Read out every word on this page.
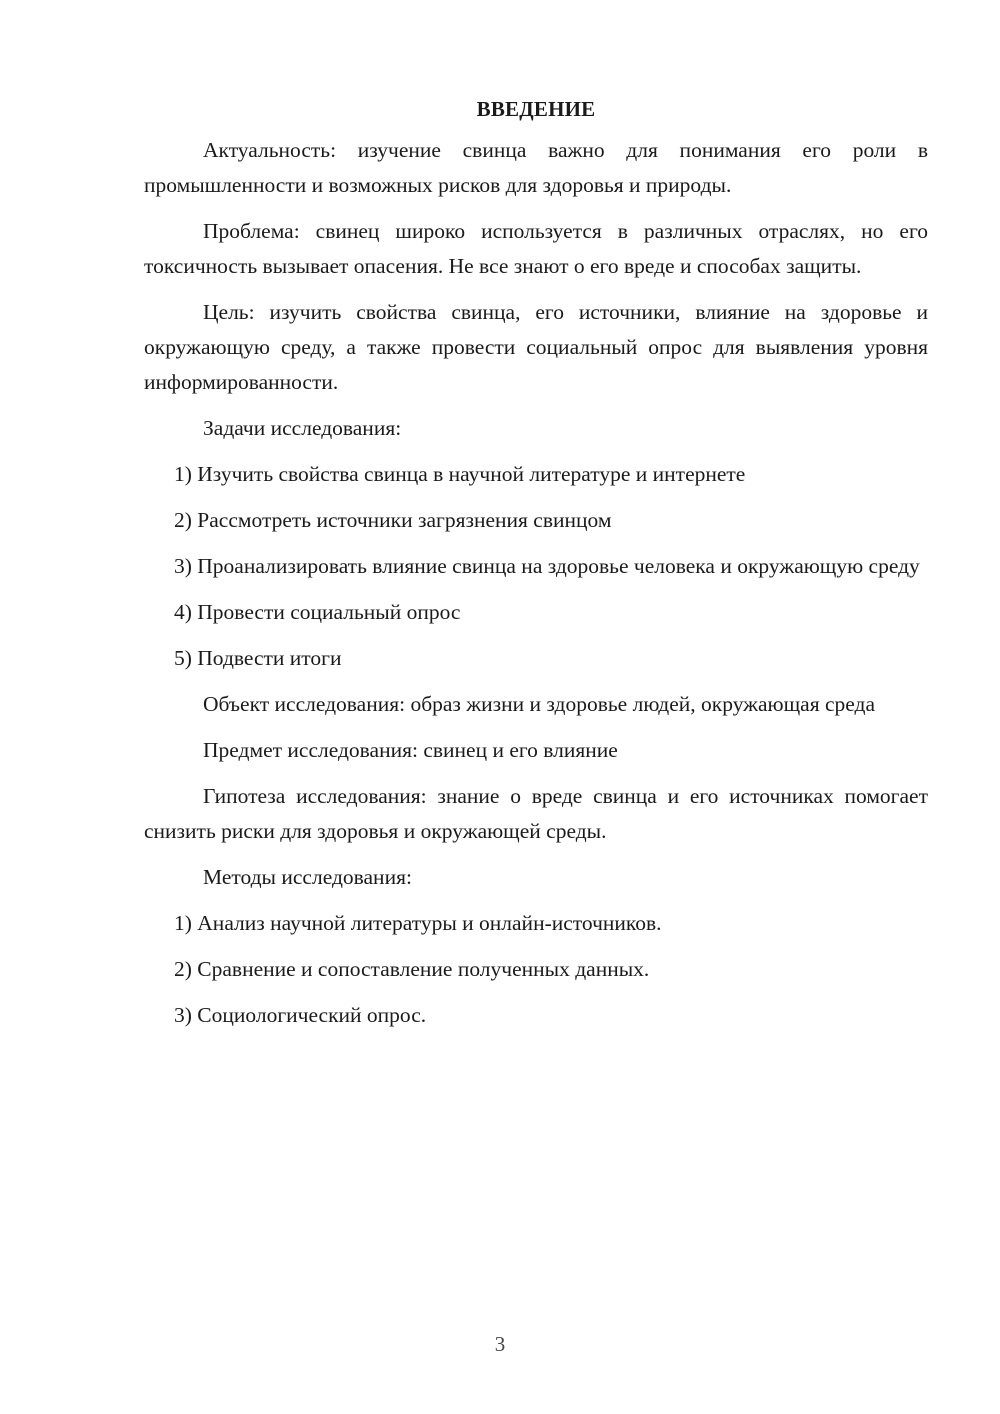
ВВЕДЕНИЕ

Актуальность: изучение свинца важно для понимания его роли в промышленности и возможных рисков для здоровья и природы.

Проблема: свинец широко используется в различных отраслях, но его токсичность вызывает опасения. Не все знают о его вреде и способах защиты.

Цель: изучить свойства свинца, его источники, влияние на здоровье и окружающую среду, а также провести социальный опрос для выявления уровня информированности.

Задачи исследования:

1) Изучить свойства свинца в научной литературе и интернете

2) Рассмотреть источники загрязнения свинцом

3) Проанализировать влияние свинца на здоровье человека и окружающую среду

4) Провести социальный опрос

5) Подвести итоги

Объект исследования: образ жизни и здоровье людей, окружающая среда

Предмет исследования: свинец и его влияние

Гипотеза исследования: знание о вреде свинца и его источниках помогает снизить риски для здоровья и окружающей среды.

Методы исследования:

1) Анализ научной литературы и онлайн-источников.

2) Сравнение и сопоставление полученных данных.

3) Социологический опрос.

3
